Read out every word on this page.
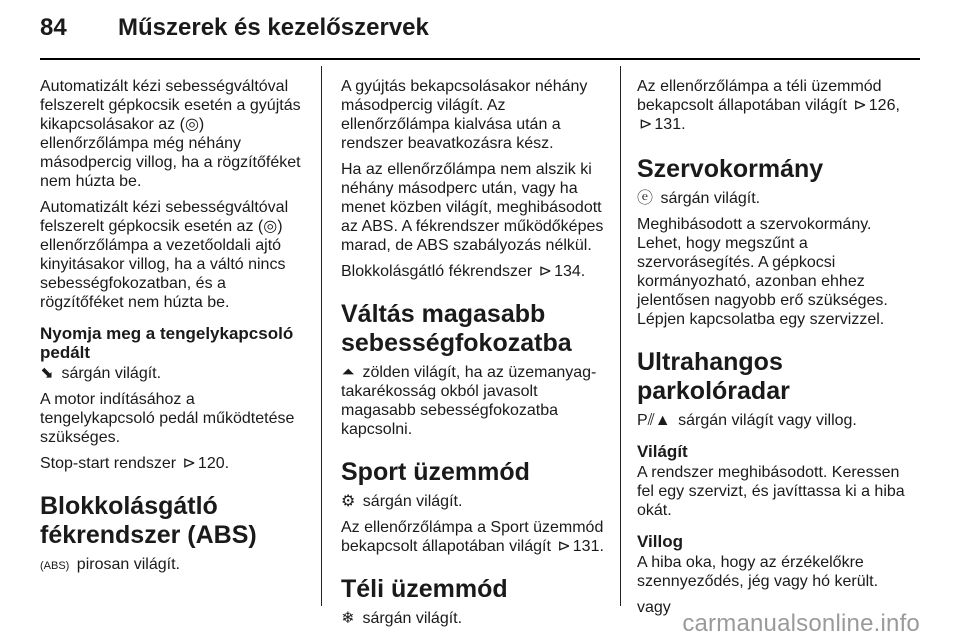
84	Műszerek és kezelőszervek

Automatizált kézi sebességváltóval felszerelt gépkocsik esetén a gyújtás kikapcsolásakor az (◎)
ellenőrzőlámpa még néhány másodpercig villog, ha a rögzítőféket nem húzta be.

Automatizált kézi sebességváltóval felszerelt gépkocsik esetén az (◎) ellenőrzőlámpa a vezetőoldali ajtó kinyitásakor villog, ha a váltó nincs sebességfokozatban, és a rögzítőféket nem húzta be.

Nyomja meg a tengelykapcsoló pedált

⬊ sárgán világít.

A motor indításához a tengelykapcsoló pedál működtetése szükséges.

Stop-start rendszer ⊳ 120.

Blokkolásgátló fékrendszer (ABS)

(ABS) pirosan világít.

A gyújtás bekapcsolásakor néhány másodpercig világít. Az ellenőrzőlámpa kialvása után a rendszer beavatkozásra kész.

Ha az ellenőrzőlámpa nem alszik ki néhány másodperc után, vagy ha menet közben világít, meghibásodott az ABS. A fékrendszer működőképes marad, de ABS szabályozás nélkül.

Blokkolásgátló fékrendszer ⊳ 134.

Váltás magasabb sebességfokozatba

⏶ zölden világít, ha az üzemanyag-takarékosság okból javasolt magasabb sebességfokozatba kapcsolni.

Sport üzemmód

⚙ sárgán világít.

Az ellenőrzőlámpa a Sport üzemmód bekapcsolt állapotában világít ⊳ 131.

Téli üzemmód

❄ sárgán világít.

Az ellenőrzőlámpa a téli üzemmód bekapcsolt állapotában világít ⊳ 126, ⊳ 131.

Szervokormány

ⓔ sárgán világít.

Meghibásodott a szervokormány. Lehet, hogy megszűnt a szervorásegítés. A gépkocsi kormányozható, azonban ehhez jelentősen nagyobb erő szükséges. Lépjen kapcsolatba egy szervizzel.

Ultrahangos parkolóradar

P⫽▲ sárgán világít vagy villog.

Világít

A rendszer meghibásodott. Keressen fel egy szervizt, és javíttassa ki a hiba okát.

Villog

A hiba oka, hogy az érzékelőkre szennyeződés, jég vagy hó került.

vagy

carmanualsonline.info
